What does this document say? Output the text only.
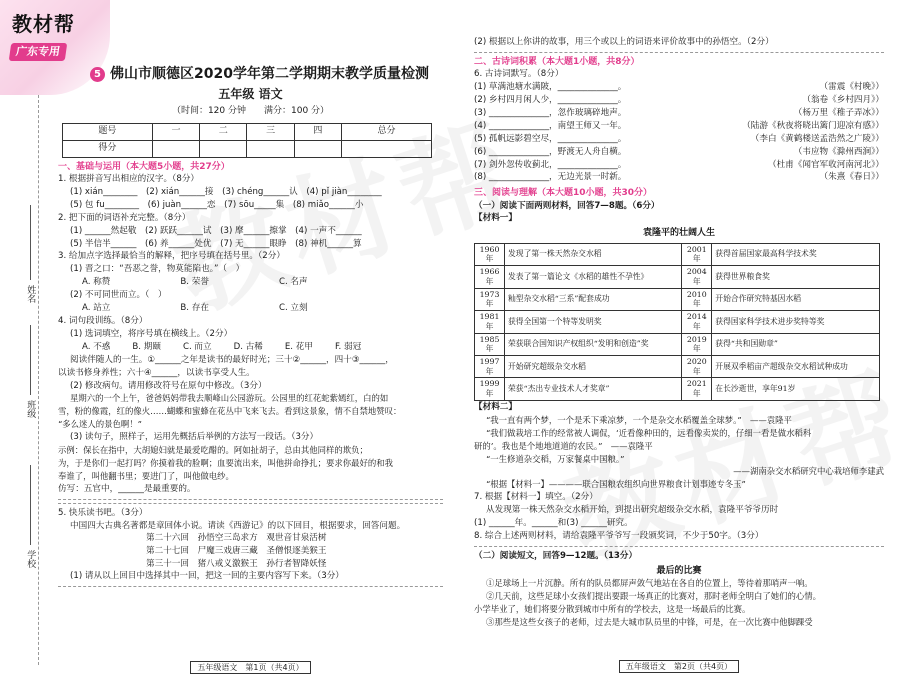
教材帮
广东专用
姓名
班级
学校
5 佛山市顺德区2020学年第二学期期末教学质量检测
五年级 语文
（时间：120 分钟　　满分：100 分）
题号	一	二	三	四	总分
得分					
一、基础与运用（本大题5小题，共27分）
1. 根据拼音写出相应的汉字。（8分）
(1) xián________　(2) xián______接　(3) chéng______认　(4) pǐ jiàn________
(5) 包 fu________　(6) juàn______恋　(7) sōu_____集　(8) miǎo______小
2. 把下面的词语补充完整。（8分）
(1) ______然起敬　(2) 跃跃______试　(3) 摩______擦掌　(4) 一声不______
(5) 半信半______　(6) 养______处优　(7) 无______眼睁　(8) 神机______算
3. 给加点字选择最恰当的解释，把序号填在括号里。（2分）
(1) 晋之口：“吾恶之誉，物莫能陷也。”（　）
A. 称赞	B. 荣誉	C. 名声
(2) 不可同世而立。（　）
A. 站立	B. 存在	C. 立刻
4. 词句段训练。（8分）
(1) 选词填空，将序号填在横线上。（2分）
A. 不惑	B. 期颐	C. 而立	D. 古稀	E. 花甲	F. 弱冠
阅读伴随人的一生。①______之年是读书的最好时光；三十②______，四十③______，
以读书修身养性；六十④______，以读书享受人生。
(2) 修改病句。请用修改符号在原句中修改。（3分）
星期六的一个上午，爸爸妈妈带我去顺峰山公园游玩。公园里的红花蛇紫嫣红，白的如
雪，粉的像霞，红的像火……蝴蝶和蜜蜂在花丛中飞来飞去。看到这景象，情不自禁地赞叹：
“多么迷人的景色啊！”
(3) 读句子，照样子，运用先概括后举例的方法写一段话。（3分）
示例：保长在指中，大胡媳妇就是最爱吃醋的。阿如扯胡子，总由其他同样的欺负；
为，于是你们一起打吗？你摸着我的脸啊；血要流出来，叫他拼命挣扎；要求你最好的和我
奉谁了，叫他翻书里；要进门了，叫他做电纱。
仿写：五官中，______是最重要的。
5. 快乐读书吧。（3分）
中国四大古典名著都是章回体小说。请读《西游记》的以下回目，根据要求，回答问题。
第二十六回　孙悟空三岛求方　观世音甘泉活树
第二十七回　尸魔三戏唐三藏　圣僧恨逐美猴王
第三十一回　猪八戒义激猴王　孙行者智降妖怪
(1) 请从以上回目中选择其中一回，把这一回的主要内容写下来。（3分）
五年级语文　第1页（共4页）
(2) 根据以上你讲的故事，用三个或以上的词语来评价故事中的孙悟空。（2分）
二、古诗词积累（本大题1小题，共8分）
6. 古诗词默写。（8分）
(1) 草满池塘水满陂，______________。	（雷震《村晚》）
(2) 乡村四月闲人少，______________。	（翁卷《乡村四月》）
(3) ______________，忽作玻璃碎地声。	（杨万里《稚子弄冰》）
(4) ______________，南望王师又一年。	（陆游《秋夜将晓出篱门迎凉有感》）
(5) 孤帆远影碧空尽，______________。	（李白《黄鹤楼送孟浩然之广陵》）
(6) ______________，野渡无人舟自横。	（韦应物《滁州西涧》）
(7) 剑外忽传收蓟北，______________。	（杜甫《闻官军收河南河北》）
(8) ______________，无边光景一时新。	（朱熹《春日》）
三、阅读与理解（本大题10小题，共30分）
（一）阅读下面两则材料，回答7—8题。（6分）
【材料一】
袁隆平的壮阔人生
1960年	发现了第一株天然杂交水稻	2001年	获得首届国家最高科学技术奖
1966年	发表了第一篇论文《水稻的雄性不孕性》	2004年	获得世界粮食奖
1973年	籼型杂交水稻“三系”配套成功	2010年	开始合作研究特基因水稻
1981年	获得全国第一个特等发明奖	2014年	获得国家科学技术进步奖特等奖
1985年	荣获联合国知识产权组织“发明和创造”奖	2019年	获得“共和国勋章”
1997年	开始研究超级杂交水稻	2020年	开展双季稻亩产超级杂交水稻试种成功
1999年	荣获“杰出专业技术人才奖章”	2021年	在长沙逝世，享年91岁
【材料二】
“我一直有两个梦，一个是禾下乘凉梦，一个是杂交水稻覆盖全球梦。”　——袁隆平
“我们做栽培工作的经常被人调侃，‘近看像种田的，远看像卖炭的，仔细一看是做水稻科
研的’。我也是个地地道道的农民。”　——袁隆平
“一生修道杂交稻，万家餐桌中国粮。”
——湖南杂交水稻研究中心栽培师李建武
“根据【材料一】————联合国粮农组织向世界粮食计划事迹专冬玉”
7. 根据【材料一】填空。（2分）
从发现第一株天然杂交水稻开始，到提出研究超级杂交水稻，袁隆平爷爷历时
(1) ______年。______和(3) ______研究。
8. 综合上述两则材料，请给袁隆平爷爷写一段颁奖词，不少于50字。（3分）
（二）阅读短文，回答9—12题。（13分）
最后的比赛
①足球场上一片沉静。所有的队员都屏声敛气地站在各自的位置上，等待着那哨声一响。
②几天前，这些足球小女孩们提出要跟一场真正的比赛对，那时老师全明白了她们的心情。
小学毕业了，她们将要分散到城市中所有的学校去，这是一场最后的比赛。
③那些是这些女孩子的老师，过去是大城市队员里的中锋，可是，在一次比赛中他脚踝受
五年级语文　第2页（共4页）
